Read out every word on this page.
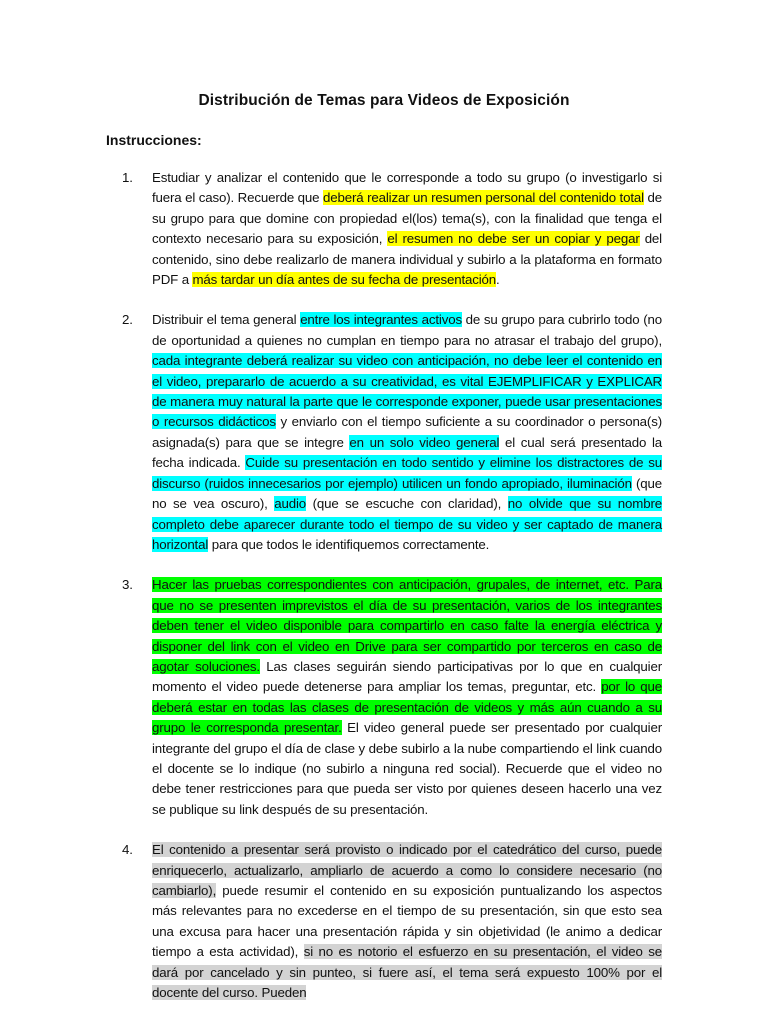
Distribución de Temas para Videos de Exposición
Instrucciones:
1. Estudiar y analizar el contenido que le corresponde a todo su grupo (o investigarlo si fuera el caso). Recuerde que deberá realizar un resumen personal del contenido total de su grupo para que domine con propiedad el(los) tema(s), con la finalidad que tenga el contexto necesario para su exposición, el resumen no debe ser un copiar y pegar del contenido, sino debe realizarlo de manera individual y subirlo a la plataforma en formato PDF a más tardar un día antes de su fecha de presentación.
2. Distribuir el tema general entre los integrantes activos de su grupo para cubrirlo todo (no de oportunidad a quienes no cumplan en tiempo para no atrasar el trabajo del grupo), cada integrante deberá realizar su video con anticipación, no debe leer el contenido en el video, prepararlo de acuerdo a su creatividad, es vital EJEMPLIFICAR y EXPLICAR de manera muy natural la parte que le corresponde exponer, puede usar presentaciones o recursos didácticos y enviarlo con el tiempo suficiente a su coordinador o persona(s) asignada(s) para que se integre en un solo video general el cual será presentado la fecha indicada. Cuide su presentación en todo sentido y elimine los distractores de su discurso (ruidos innecesarios por ejemplo) utilicen un fondo apropiado, iluminación (que no se vea oscuro), audio (que se escuche con claridad), no olvide que su nombre completo debe aparecer durante todo el tiempo de su video y ser captado de manera horizontal para que todos le identifiquemos correctamente.
3. Hacer las pruebas correspondientes con anticipación, grupales, de internet, etc. Para que no se presenten imprevistos el día de su presentación, varios de los integrantes deben tener el video disponible para compartirlo en caso falte la energía eléctrica y disponer del link con el video en Drive para ser compartido por terceros en caso de agotar soluciones. Las clases seguirán siendo participativas por lo que en cualquier momento el video puede detenerse para ampliar los temas, preguntar, etc. por lo que deberá estar en todas las clases de presentación de videos y más aún cuando a su grupo le corresponda presentar. El video general puede ser presentado por cualquier integrante del grupo el día de clase y debe subirlo a la nube compartiendo el link cuando el docente se lo indique (no subirlo a ninguna red social). Recuerde que el video no debe tener restricciones para que pueda ser visto por quienes deseen hacerlo una vez se publique su link después de su presentación.
4. El contenido a presentar será provisto o indicado por el catedrático del curso, puede enriquecerlo, actualizarlo, ampliarlo de acuerdo a como lo considere necesario (no cambiarlo), puede resumir el contenido en su exposición puntualizando los aspectos más relevantes para no excederse en el tiempo de su presentación, sin que esto sea una excusa para hacer una presentación rápida y sin objetividad (le animo a dedicar tiempo a esta actividad), si no es notorio el esfuerzo en su presentación, el video se dará por cancelado y sin punteo, si fuere así, el tema será expuesto 100% por el docente del curso. Pueden
